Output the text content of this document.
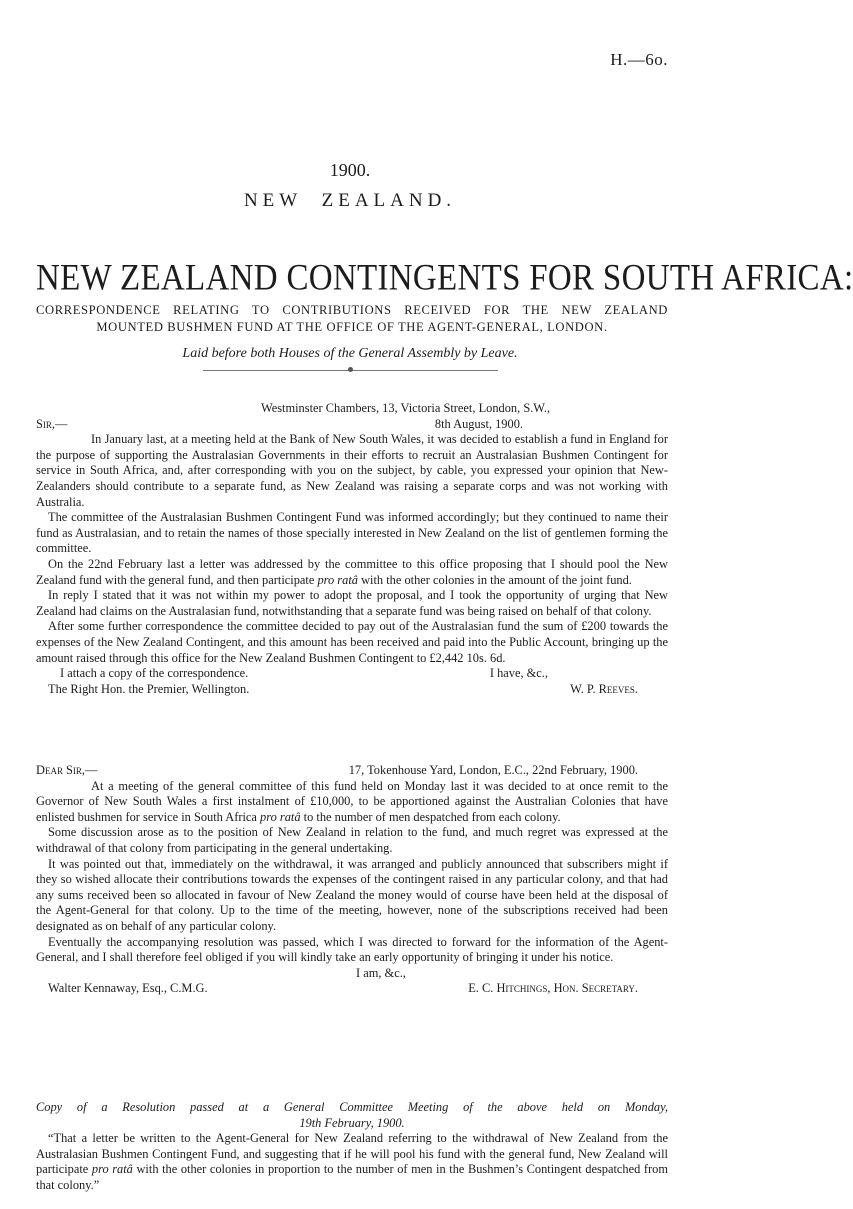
H.—6o.
1900.
NEW ZEALAND.
NEW ZEALAND CONTINGENTS FOR SOUTH AFRICA:
CORRESPONDENCE RELATING TO CONTRIBUTIONS RECEIVED FOR THE NEW ZEALAND
MOUNTED BUSHMEN FUND AT THE OFFICE OF THE AGENT-GENERAL, LONDON.
Laid before both Houses of the General Assembly by Leave.

Westminster Chambers, 13, Victoria Street, London, S.W.,

Sir,—	8th August, 1900.

In January last, at a meeting held at the Bank of New South Wales, it was decided to establish a fund in England for the purpose of supporting the Australasian Governments in their efforts to recruit an Australasian Bushmen Contingent for service in South Africa, and, after corresponding with you on the subject, by cable, you expressed your opinion that New-Zealanders should contribute to a separate fund, as New Zealand was raising a separate corps and was not working with Australia.

The committee of the Australasian Bushmen Contingent Fund was informed accordingly; but they continued to name their fund as Australasian, and to retain the names of those specially interested in New Zealand on the list of gentlemen forming the committee.

On the 22nd February last a letter was addressed by the committee to this office proposing that I should pool the New Zealand fund with the general fund, and then participate pro ratâ with the other colonies in the amount of the joint fund.

In reply I stated that it was not within my power to adopt the proposal, and I took the opportunity of urging that New Zealand had claims on the Australasian fund, notwithstanding that a separate fund was being raised on behalf of that colony.

After some further correspondence the committee decided to pay out of the Australasian fund the sum of £200 towards the expenses of the New Zealand Contingent, and this amount has been received and paid into the Public Account, bringing up the amount raised through this office for the New Zealand Bushmen Contingent to £2,442 10s. 6d.

I attach a copy of the correspondence.	I have, &c.,
The Right Hon. the Premier, Wellington.	W. P. Reeves.
Dear Sir,—	17, Tokenhouse Yard, London, E.C., 22nd February, 1900.

At a meeting of the general committee of this fund held on Monday last it was decided to at once remit to the Governor of New South Wales a first instalment of £10,000, to be apportioned against the Australian Colonies that have enlisted bushmen for service in South Africa pro ratâ to the number of men despatched from each colony.

Some discussion arose as to the position of New Zealand in relation to the fund, and much regret was expressed at the withdrawal of that colony from participating in the general undertaking.

It was pointed out that, immediately on the withdrawal, it was arranged and publicly announced that subscribers might if they so wished allocate their contributions towards the expenses of the contingent raised in any particular colony, and that had any sums received been so allocated in favour of New Zealand the money would of course have been held at the disposal of the Agent-General for that colony. Up to the time of the meeting, however, none of the subscriptions received had been designated as on behalf of any particular colony.

Eventually the accompanying resolution was passed, which I was directed to forward for the information of the Agent-General, and I shall therefore feel obliged if you will kindly take an early opportunity of bringing it under his notice.

I am, &c.,
Walter Kennaway, Esq., C.M.G.	E. C. Hitchings, Hon. Secretary.

Copy of a Resolution passed at a General Committee Meeting of the above held on Monday,

19th February, 1900.

“That a letter be written to the Agent-General for New Zealand referring to the withdrawal of New Zealand from the Australasian Bushmen Contingent Fund, and suggesting that if he will pool his fund with the general fund, New Zealand will participate pro ratâ with the other colonies in proportion to the number of men in the Bushmen’s Contingent despatched from that colony.”
